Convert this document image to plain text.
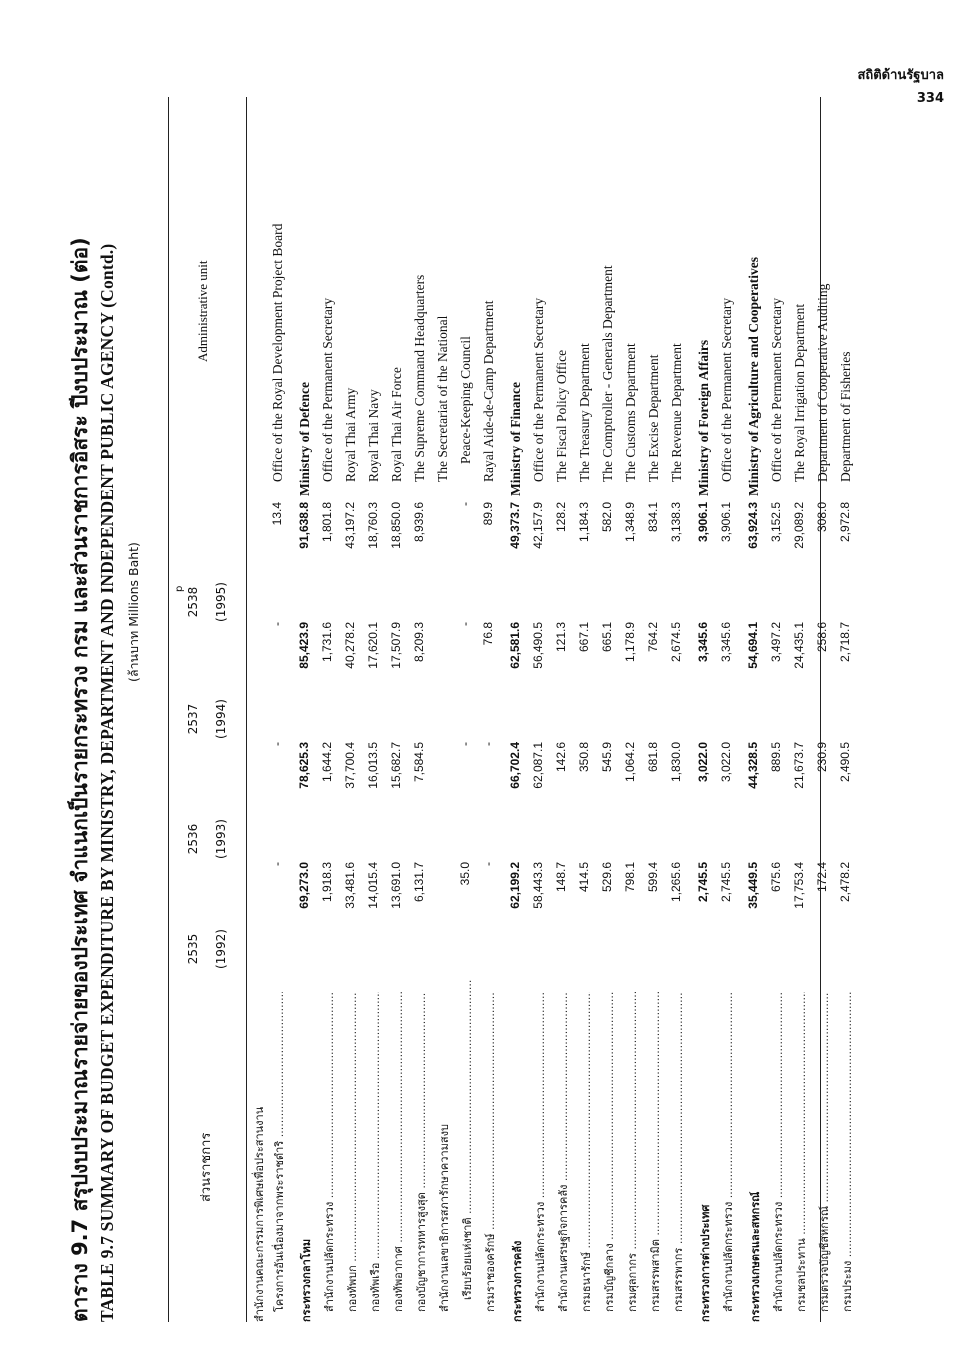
สถิติด้านรัฐบาล
334
ตาราง 9.7 สรุปงบประมาณรายจ่ายของประเทศ จำแนกเป็นรายกระทรวง กรม และส่วนราชการอิสระ ปีงบประมาณ (ต่อ) TABLE 9.7 SUMMARY OF BUDGET EXPENDITURE BY MINISTRY, DEPARTMENT AND INDEPENDENT PUBLIC AGENCY (Contd.) (ล้านบาท Millions Baht)
ส่วนราชการ
Administrative unit
2535 (1992)
2536 (1993)
2537 (1994)
p 2538 (1995)
สำนักงานคณะกรรมการพิเศษเพื่อประสานงาน โครงการอันเนื่องมาจากพระราชดำริ .....
-
-
-
13.4
Office of the Royal Development Project Board
กระทรวงกลาโหม
69,273.0
78,625.3
85,423.9
91,638.8
Ministry of Defence
สำนักงานปลัดกระทรวง .....
1,918.3
1,644.2
1,731.6
1,801.8
Office of the Permanent Secretary
กองทัพบก .....
33,481.6
37,700.4
40,278.2
43,197.2
Royal Thai Army
กองทัพเรือ .....
14,015.4
16,013.5
17,620.1
18,760.3
Royal Thai Navy
กองทัพอากาศ .....
13,691.0
15,682.7
17,507.9
18,850.0
Royal Thai Air Force
กองบัญชาการทหารสูงสุด .....
6,131.7
7,584.5
8,209.3
8,939.6
The Supreme Command Headquarters
สำนักงานเลขาธิการสภารักษาความสงบ
The Secretariat of the National
เรียบร้อยแห่งชาติ .....
35.0
-
-
-
Peace-Keeping Council
กรมราชองครักษ์ .....
-
-
76.8
89.9
Rayal Aide-de-Camp Department
กระทรวงการคลัง
62,199.2
66,702.4
62,581.6
49,373.7
Ministry of Finance
สำนักงานปลัดกระทรวง .....
58,443.3
62,087.1
56,490.5
42,157.9
Office of the Permanent Secretary
สำนักงานเศรษฐกิจการคลัง .....
148.7
142.6
121.3
128.2
The Fiscal Policy Office
กรมธนารักษ์ .....
414.5
350.8
667.1
1,184.3
The Treasury Department
กรมบัญชีกลาง .....
529.6
545.9
665.1
582.0
The Comptroller - Generals Department
กรมศุลกากร .....
798.1
1,064.2
1,178.9
1,348.9
The Customs Department
กรมสรรพสามิต .....
599.4
681.8
764.2
834.1
The Excise Department
กรมสรรพากร .....
1,265.6
1,830.0
2,674.5
3,138.3
The Revenue Department
กระทรวงการต่างประเทศ
2,745.5
3,022.0
3,345.6
3,906.1
Ministry of Foreign Affairs
สำนักงานปลัดกระทรวง .....
2,745.5
3,022.0
3,345.6
3,906.1
Office of the Permanent Secretary
กระทรวงเกษตรและสหกรณ์
35,449.5
44,328.5
54,694.1
63,924.3
Ministry of Agriculture and Cooperatives
สำนักงานปลัดกระทรวง .....
675.6
889.5
3,497.2
3,152.5
Office of the Permanent Secretary
กรมชลประทาน .....
17,753.4
21,673.7
24,435.1
29,089.2
The Royal Irrigation Department
กรมตรวจบัญชีสหกรณ์ .....
172.4
230.9
258.6
308.0
Department of Cooperative Auditing
กรมประมง .....
2,478.2
2,490.5
2,718.7
2,972.8
Department of Fisheries
